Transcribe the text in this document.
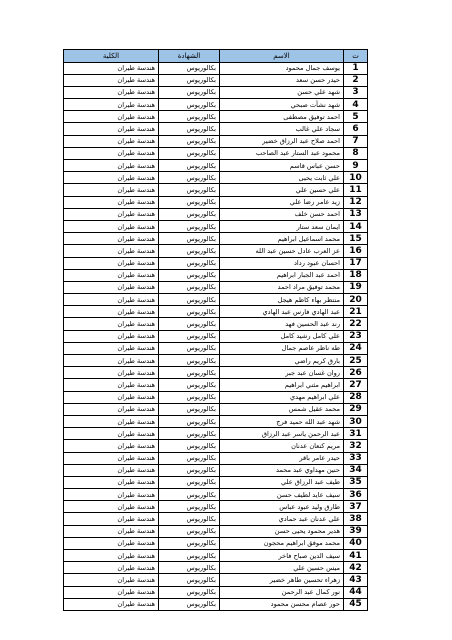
الكلية	الشهادة	الاسم	ت
هندسة طيران	بكالوريوس	يوسف جمال محمود	1
هندسة طيران	بكالوريوس	حيدر حسن سعد	2
هندسة طيران	بكالوريوس	شهد علي حسن	3
هندسة طيران	بكالوريوس	شهد نشأت صبحي	4
هندسة طيران	بكالوريوس	احمد توفيق مصطفى	5
هندسة طيران	بكالوريوس	سجاد علي غالب	6
هندسة طيران	بكالوريوس	احمد صلاح عبد الرزاق خضير	7
هندسة طيران	بكالوريوس	محمود عبد الستار عبد الصاحب	8
هندسة طيران	بكالوريوس	حسن عباس قاسم	9
هندسة طيران	بكالوريوس	علي ثابت يحيى	10
هندسة طيران	بكالوريوس	علي حسين علي	11
هندسة طيران	بكالوريوس	زيد عامر رضا علي	12
هندسة طيران	بكالوريوس	احمد حسن خلف	13
هندسة طيران	بكالوريوس	ايمان سعد ستار	14
هندسة طيران	بكالوريوس	محمد اسماعيل ابراهيم	15
هندسة طيران	بكالوريوس	عز العرب عادل حسين عبد الله	16
هندسة طيران	بكالوريوس	احسان عبود رداد	17
هندسة طيران	بكالوريوس	احمد عبد الجبار ابراهيم	18
هندسة طيران	بكالوريوس	محمد توفيق مراد احمد	19
هندسة طيران	بكالوريوس	منتظر بهاء كاظم هيجل	20
هندسة طيران	بكالوريوس	عبد الهادي فارس عبد الهادي	21
هندسة طيران	بكالوريوس	رند عبد الحسين فهد	22
هندسة طيران	بكالوريوس	علي كامل رشيد كامل	23
هندسة طيران	بكالوريوس	طه ناظر عاصم جمال	24
هندسة طيران	بكالوريوس	بارق كريم راضي	25
هندسة طيران	بكالوريوس	روان غسان عبد جبر	26
هندسة طيران	بكالوريوس	ابراهيم مثني ابراهيم	27
هندسة طيران	بكالوريوس	علي ابراهيم مهدي	28
هندسة طيران	بكالوريوس	محمد عقيل شمس	29
هندسة طيران	بكالوريوس	شهد عبد الله حميد فرج	30
هندسة طيران	بكالوريوس	عبد الرحمن ياسر عبد الرزاق	31
هندسة طيران	بكالوريوس	مريم كنعان عدنان	32
هندسة طيران	بكالوريوس	حيدر عامر باقر	33
هندسة طيران	بكالوريوس	حنين مهداوي عبد محمد	34
هندسة طيران	بكالوريوس	طيف عبد الرزاق علي	35
هندسة طيران	بكالوريوس	سيف عايد لطيف حسن	36
هندسة طيران	بكالوريوس	طارق وليد عبود عباس	37
هندسة طيران	بكالوريوس	علي عدنان عبد حمادي	38
هندسة طيران	بكالوريوس	هدير محمود يحيى حسن	39
هندسة طيران	بكالوريوس	محمد موفق ابراهيم محجون	40
هندسة طيران	بكالوريوس	سيف الدين صباح فاخر	41
هندسة طيران	بكالوريوس	ميس حسين علي	42
هندسة طيران	بكالوريوس	زهراء تحسين طاهر خضير	43
هندسة طيران	بكالوريوس	نور كمال عبد الرحمن	44
هندسة طيران	بكالوريوس	حور عصام محسن محمود	45
